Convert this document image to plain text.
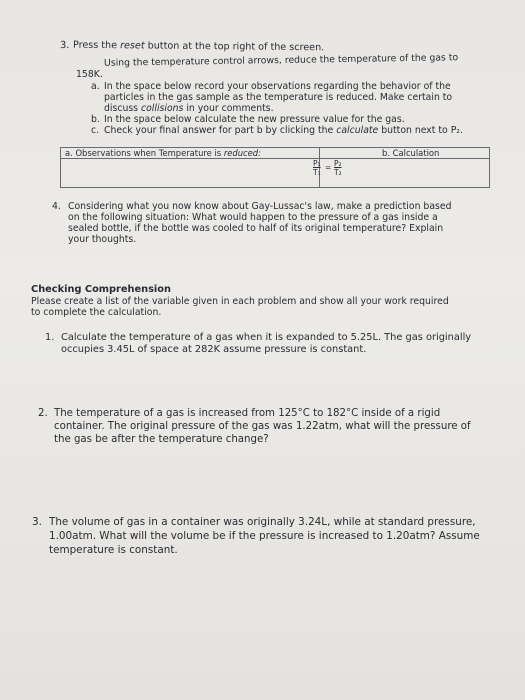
3. Press the reset button at the top right of the screen.
Using the temperature control arrows, reduce the temperature of the gas to
158K.
a. In the space below record your observations regarding the behavior of the
particles in the gas sample as the temperature is reduced. Make certain to
discuss collisions in your comments.
b. In the space below calculate the new pressure value for the gas.
c. Check your final answer for part b by clicking the calculate button next to P₂.
a. Observations when Temperature is reduced:	b. Calculation

P₁
T₁
= P₂
T₂
4. Considering what you now know about Gay-Lussac's law, make a prediction based
on the following situation: What would happen to the pressure of a gas inside a
sealed bottle, if the bottle was cooled to half of its original temperature? Explain
your thoughts.
Checking Comprehension
Please create a list of the variable given in each problem and show all your work required
to complete the calculation.
1. Calculate the temperature of a gas when it is expanded to 5.25L. The gas originally
occupies 3.45L of space at 282K assume pressure is constant.
2. The temperature of a gas is increased from 125°C to 182°C inside of a rigid
container. The original pressure of the gas was 1.22atm, what will the pressure of
the gas be after the temperature change?
3. The volume of gas in a container was originally 3.24L, while at standard pressure,
1.00atm. What will the volume be if the pressure is increased to 1.20atm? Assume
temperature is constant.
